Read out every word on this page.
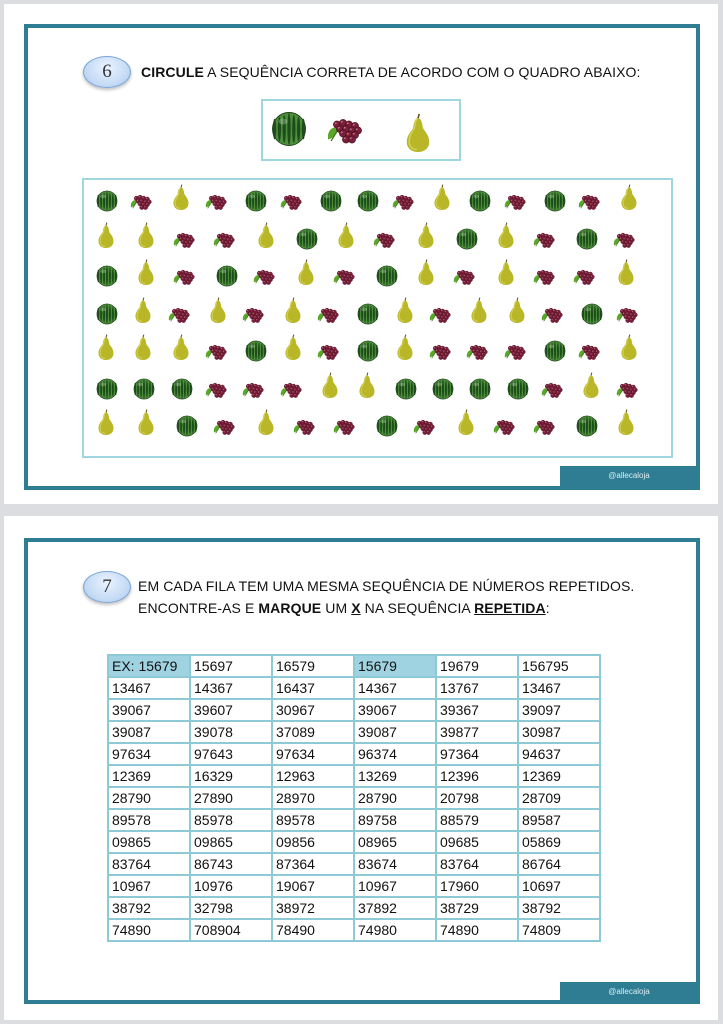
6	CIRCULE A SEQUÊNCIA CORRETA DE ACORDO COM O QUADRO ABAIXO:
@allecaloja
7	EM CADA FILA TEM UMA MESMA SEQUÊNCIA DE NÚMEROS REPETIDOS.
ENCONTRE-AS E MARQUE UM X NA SEQUÊNCIA REPETIDA:
EX: 15679	15697	16579	15679	19679	156795
13467	14367	16437	14367	13767	13467
39067	39607	30967	39067	39367	39097
39087	39078	37089	39087	39877	30987
97634	97643	97634	96374	97364	94637
12369	16329	12963	13269	12396	12369
28790	27890	28970	28790	20798	28709
89578	85978	89578	89758	88579	89587
09865	09865	09856	08965	09685	05869
83764	86743	87364	83674	83764	86764
10967	10976	19067	10967	17960	10697
38792	32798	38972	37892	38729	38792
74890	708904	78490	74980	74890	74809
@allecaloja
